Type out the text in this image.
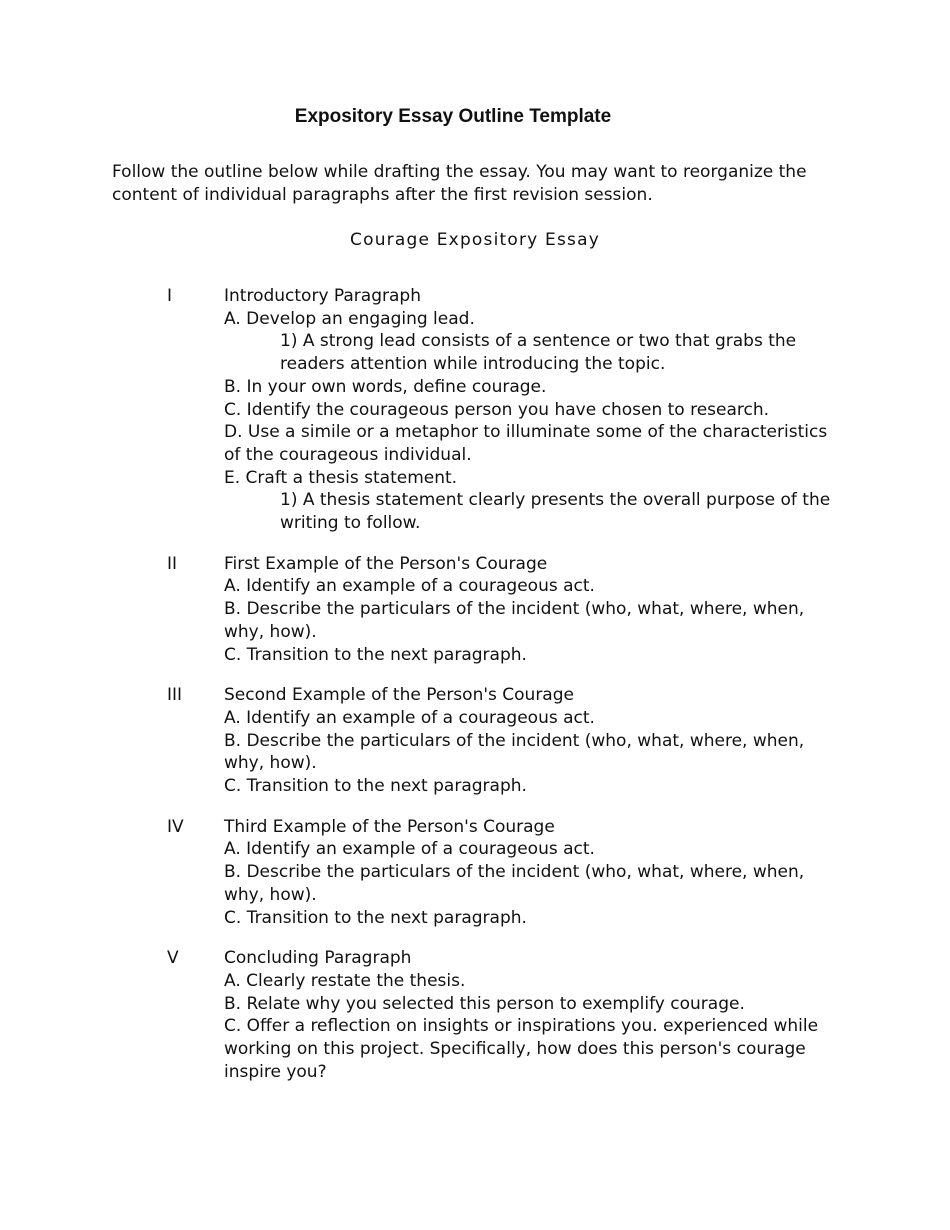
Expository Essay Outline Template

Follow the outline below while drafting the essay. You may want to reorganize the content of individual paragraphs after the first revision session.

Courage Expository Essay

I	Introductory Paragraph
A. Develop an engaging lead.
1) A strong lead consists of a sentence or two that grabs the readers attention while introducing the topic.
B. In your own words, define courage.
C. Identify the courageous person you have chosen to research.
D. Use a simile or a metaphor to illuminate some of the characteristics of the courageous individual.
E. Craft a thesis statement.
1) A thesis statement clearly presents the overall purpose of the writing to follow.
II	First Example of the Person's Courage
A. Identify an example of a courageous act.
B. Describe the particulars of the incident (who, what, where, when, why, how).
C. Transition to the next paragraph.
III Second Example of the Person's Courage
A. Identify an example of a courageous act.
B. Describe the particulars of the incident (who, what, where, when, why, how).
C. Transition to the next paragraph.
IV Third Example of the Person's Courage
A. Identify an example of a courageous act.
B. Describe the particulars of the incident (who, what, where, when, why, how).
C. Transition to the next paragraph.
V	Concluding Paragraph
A. Clearly restate the thesis.
B. Relate why you selected this person to exemplify courage.
C. Offer a reflection on insights or inspirations you. experienced while working on this project. Specifically, how does this person's courage inspire you?
